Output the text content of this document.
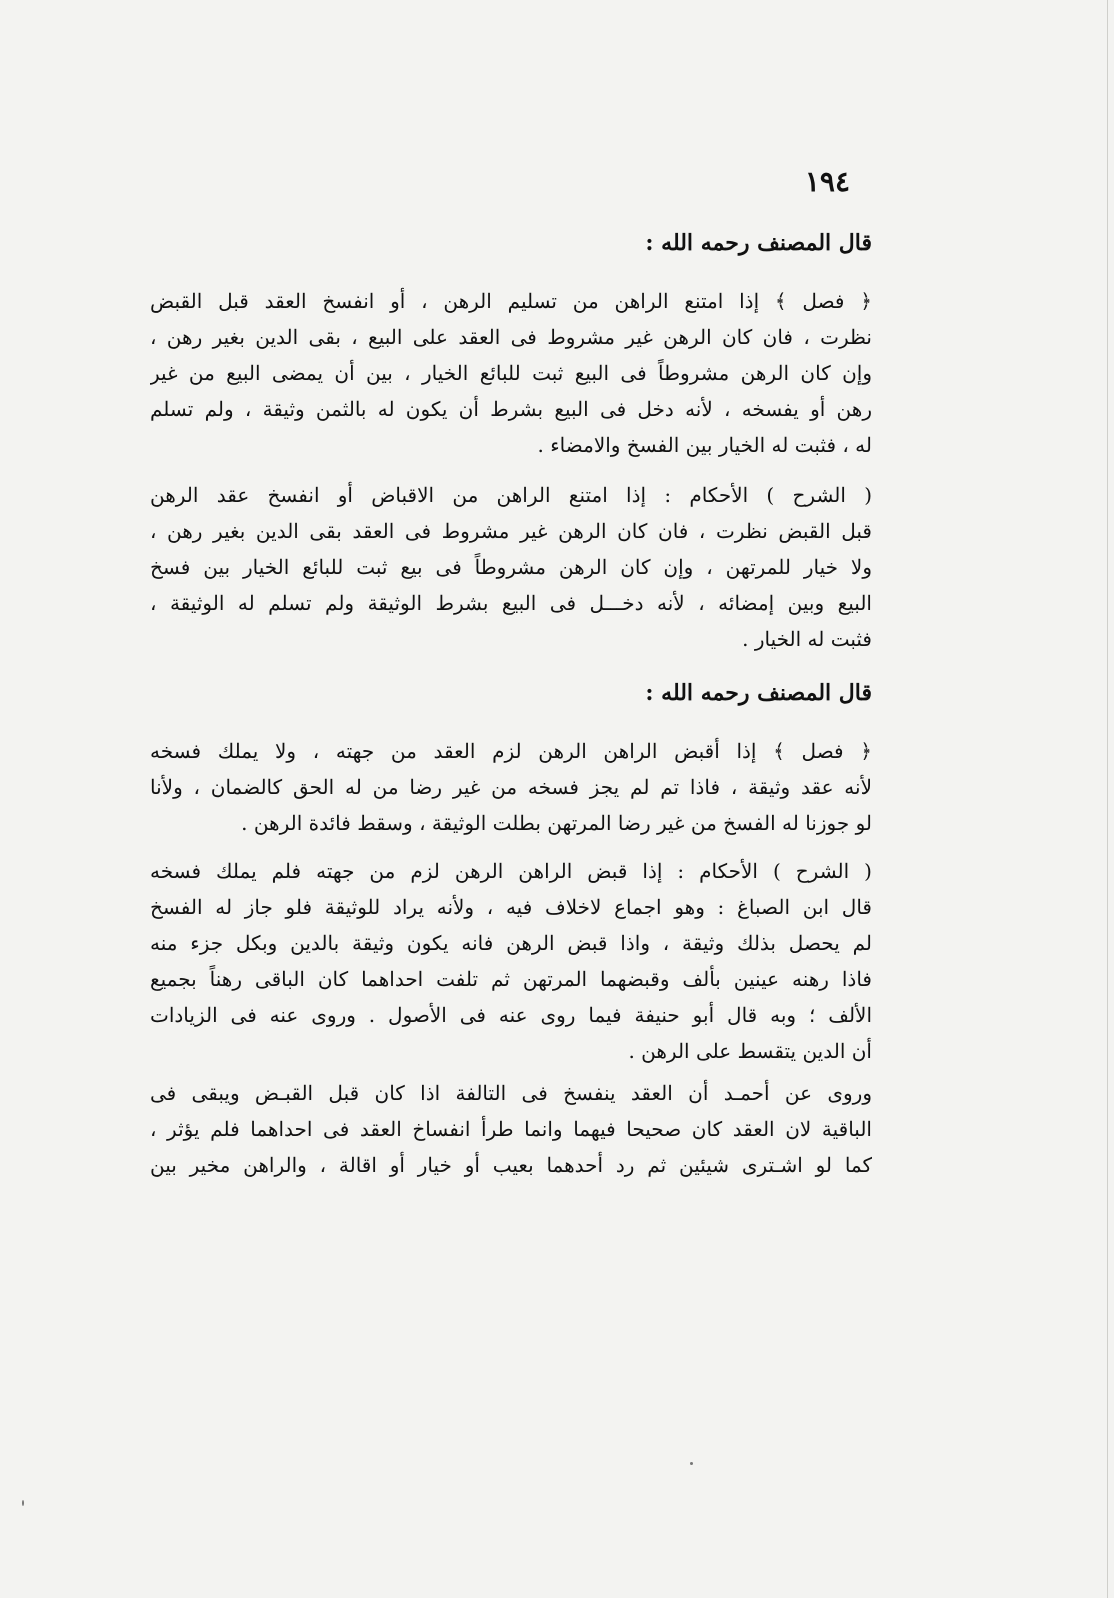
١٩٤

قال المصنف رحمه الله :

﴿ فصل ﴾ إذا امتنع الراهن من تسليم الرهن ، أو انفسخ العقد قبل القبض
نظرت ، فان كان الرهن غير مشروط فى العقد على البيع ، بقى الدين بغير رهن ،
وإن كان الرهن مشروطاً فى البيع ثبت للبائع الخيار ، بين أن يمضى البيع من غير
رهن أو يفسخه ، لأنه دخل فى البيع بشرط أن يكون له بالثمن وثيقة ، ولم تسلم
له ، فثبت له الخيار بين الفسخ والامضاء .
( الشرح ) الأحكام : إذا امتنع الراهن من الاقباض أو انفسخ عقد الرهن
قبل القبض نظرت ، فان كان الرهن غير مشروط فى العقد بقى الدين بغير رهن ،
ولا خيار للمرتهن ، وإن كان الرهن مشروطاً فى بيع ثبت للبائع الخيار بين فسخ
البيع وبين إمضائه ، لأنه دخـــل فى البيع بشرط الوثيقة ولم تسلم له الوثيقة ،
فثبت له الخيار .

قال المصنف رحمه الله :

﴿ فصل ﴾ إذا أقبض الراهن الرهن لزم العقد من جهته ، ولا يملك فسخه
لأنه عقد وثيقة ، فاذا تم لم يجز فسخه من غير رضا من له الحق كالضمان ، ولأنا
لو جوزنا له الفسخ من غير رضا المرتهن بطلت الوثيقة ، وسقط فائدة الرهن .
( الشرح ) الأحكام : إذا قبض الراهن الرهن لزم من جهته فلم يملك فسخه
قال ابن الصباغ : وهو اجماع لاخلاف فيه ، ولأنه يراد للوثيقة فلو جاز له الفسخ
لم يحصل بذلك وثيقة ، واذا قبض الرهن فانه يكون وثيقة بالدين وبكل جزء منه
فاذا رهنه عينين بألف وقبضهما المرتهن ثم تلفت احداهما كان الباقى رهناً بجميع
الألف ؛ وبه قال أبو حنيفة فيما روى عنه فى الأصول . وروى عنه فى الزيادات
أن الدين يتقسط على الرهن .
وروى عن أحمـد أن العقد ينفسخ فى التالفة اذا كان قبل القبـض ويبقى فى
الباقية لان العقد كان صحيحا فيهما وانما طرأ انفساخ العقد فى احداهما فلم يؤثر ،
كما لو اشـترى شيئين ثم رد أحدهما بعيب أو خيار أو اقالة ، والراهن مخير بين
